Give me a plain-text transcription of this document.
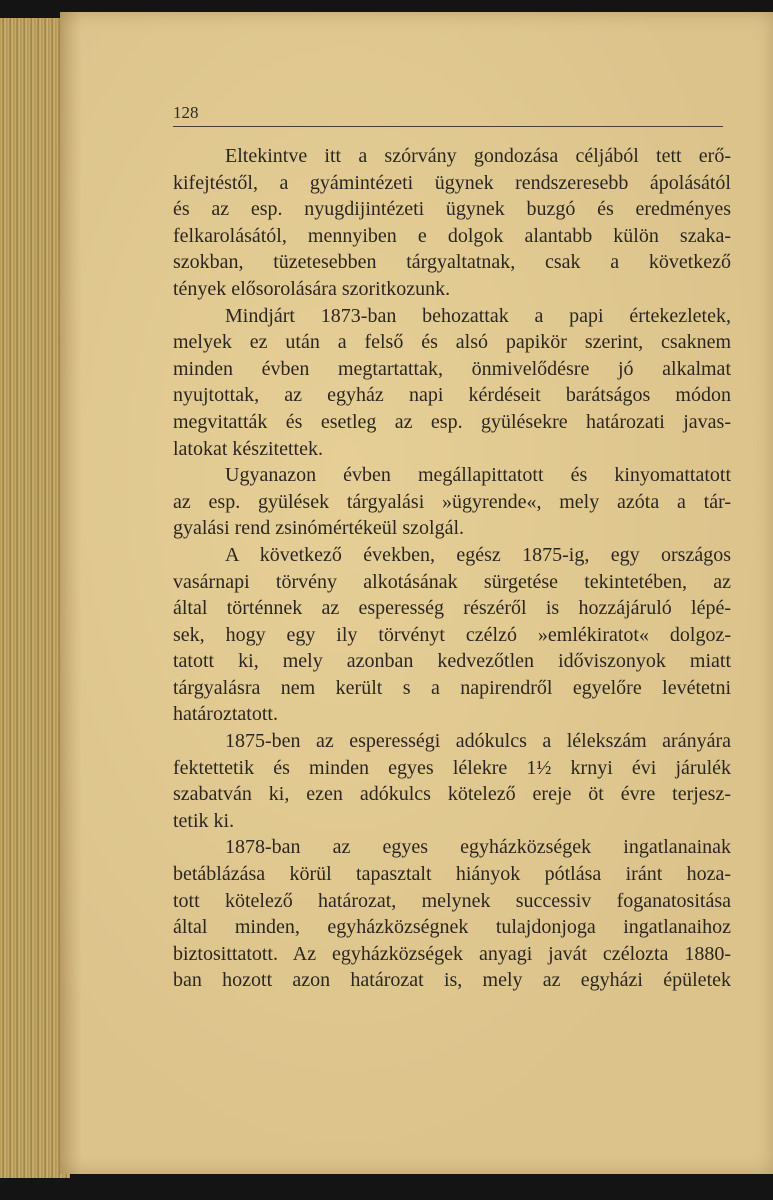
128
Eltekintve itt a szórvány gondozása céljából tett erő-
kifejtéstől, a gyámintézeti ügynek rendszeresebb ápolásától
és az esp. nyugdijintézeti ügynek buzgó és eredményes
felkarolásától, mennyiben e dolgok alantabb külön szaka-
szokban, tüzetesebben tárgyaltatnak, csak a következő
tények elősorolására szoritkozunk.
Mindjárt 1873-ban behozattak a papi értekezletek,
melyek ez után a felső és alsó papikör szerint, csaknem
minden évben megtartattak, önmivelődésre jó alkalmat
nyujtottak, az egyház napi kérdéseit barátságos módon
megvitatták és esetleg az esp. gyülésekre határozati javas-
latokat készitettek.
Ugyanazon évben megállapittatott és kinyomattatott
az esp. gyülések tárgyalási »ügyrende«, mely azóta a tár-
gyalási rend zsinómértékeül szolgál.
A következő években, egész 1875-ig, egy országos
vasárnapi törvény alkotásának sürgetése tekintetében, az
által történnek az esperesség részéről is hozzájáruló lépé-
sek, hogy egy ily törvényt czélzó »emlékiratot« dolgoz-
tatott ki, mely azonban kedvezőtlen időviszonyok miatt
tárgyalásra nem került s a napirendről egyelőre levétetni
határoztatott.
1875-ben az esperességi adókulcs a lélekszám arányára
fektettetik és minden egyes lélekre 1½ krnyi évi járulék
szabatván ki, ezen adókulcs kötelező ereje öt évre terjesz-
tetik ki.
1878-ban az egyes egyházközségek ingatlanainak
betáblázása körül tapasztalt hiányok pótlása iránt hoza-
tott kötelező határozat, melynek successiv foganatositása
által minden, egyházközségnek tulajdonjoga ingatlanaihoz
biztosittatott. Az egyházközségek anyagi javát czélozta 1880-
ban hozott azon határozat is, mely az egyházi épületek
